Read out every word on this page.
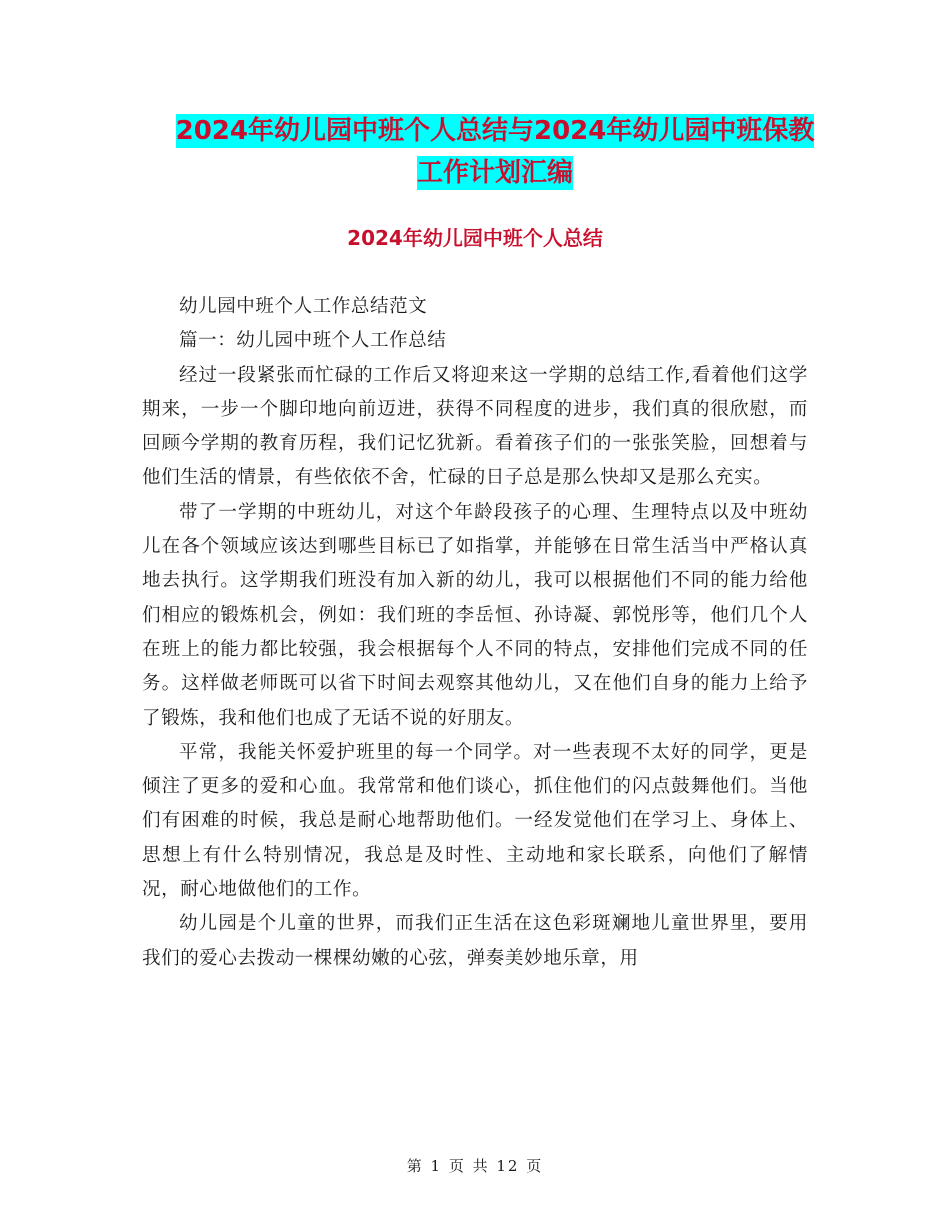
2024年幼儿园中班个人总结与2024年幼儿园中班保教
工作计划汇编
2024年幼儿园中班个人总结

幼儿园中班个人工作总结范文

篇一：幼儿园中班个人工作总结

经过一段紧张而忙碌的工作后又将迎来这一学期的总结工作,看着他们这学期来，一步一个脚印地向前迈进，获得不同程度的进步，我们真的很欣慰，而回顾今学期的教育历程，我们记忆犹新。看着孩子们的一张张笑脸，回想着与他们生活的情景，有些依依不舍，忙碌的日子总是那么快却又是那么充实。

带了一学期的中班幼儿，对这个年龄段孩子的心理、生理特点以及中班幼儿在各个领域应该达到哪些目标已了如指掌，并能够在日常生活当中严格认真地去执行。这学期我们班没有加入新的幼儿，我可以根据他们不同的能力给他们相应的锻炼机会，例如：我们班的李岳恒、孙诗凝、郭悦彤等，他们几个人在班上的能力都比较强，我会根据每个人不同的特点，安排他们完成不同的任务。这样做老师既可以省下时间去观察其他幼儿，又在他们自身的能力上给予了锻炼，我和他们也成了无话不说的好朋友。

平常，我能关怀爱护班里的每一个同学。对一些表现不太好的同学，更是倾注了更多的爱和心血。我常常和他们谈心，抓住他们的闪点鼓舞他们。当他们有困难的时候，我总是耐心地帮助他们。一经发觉他们在学习上、身体上、思想上有什么特别情况，我总是及时性、主动地和家长联系，向他们了解情况，耐心地做他们的工作。

幼儿园是个儿童的世界，而我们正生活在这色彩斑斓地儿童世界里，要用我们的爱心去拨动一棵棵幼嫩的心弦，弹奏美妙地乐章，用

第 1 页 共 12 页
